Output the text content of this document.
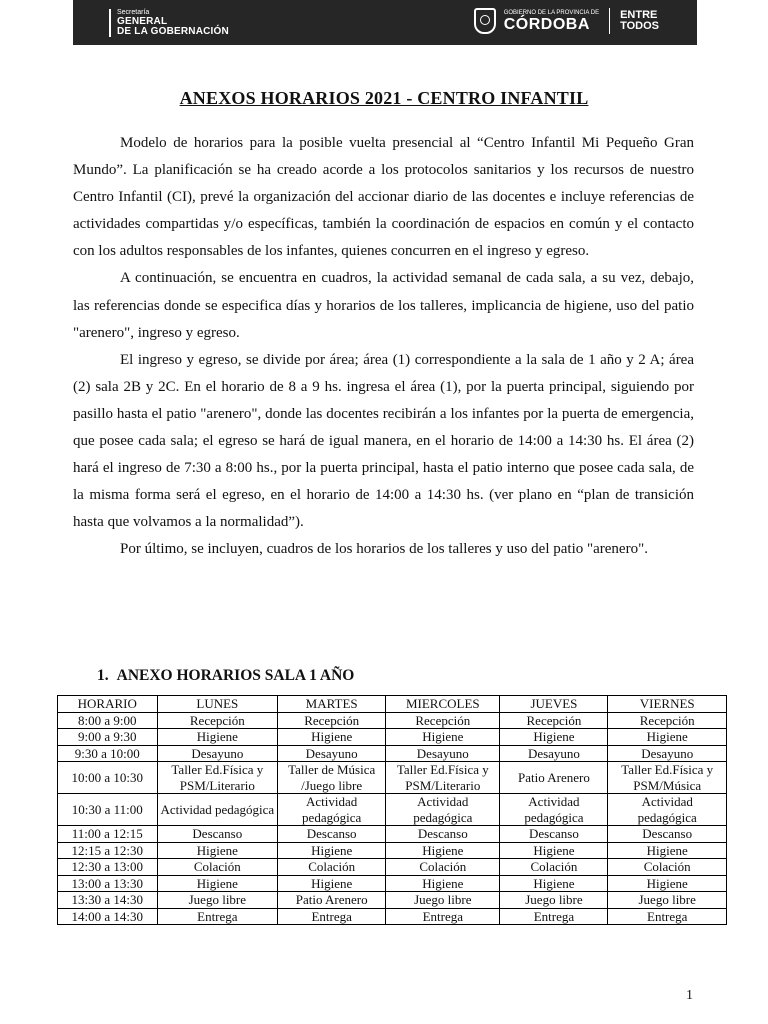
Secretaría
GENERAL
DE LA GOBERNACIÓN
GOBIERNO DE LA PROVINCIA DE
CÓRDOBA
ENTRE
TODOS
ANEXOS HORARIOS 2021 - CENTRO INFANTIL

Modelo de horarios para la posible vuelta presencial al “Centro Infantil Mi Pequeño Gran Mundo”. La planificación se ha creado acorde a los protocolos sanitarios y los recursos de nuestro Centro Infantil (CI), prevé la organización del accionar diario de las docentes e incluye referencias de actividades compartidas y/o específicas, también la coordinación de espacios en común y el contacto con los adultos responsables de los infantes, quienes concurren en el ingreso y egreso.

A continuación, se encuentra en cuadros, la actividad semanal de cada sala, a su vez, debajo, las referencias donde se especifica días y horarios de los talleres, implicancia de higiene, uso del patio "arenero", ingreso y egreso.

El ingreso y egreso, se divide por área; área (1) correspondiente a la sala de 1 año y 2 A; área (2) sala 2B y 2C. En el horario de 8 a 9 hs. ingresa el área (1), por la puerta principal, siguiendo por pasillo hasta el patio "arenero", donde las docentes recibirán a los infantes por la puerta de emergencia, que posee cada sala; el egreso se hará de igual manera, en el horario de 14:00 a 14:30 hs. El área (2) hará el ingreso de 7:30 a 8:00 hs., por la puerta principal, hasta el patio interno que posee cada sala, de la misma forma será el egreso, en el horario de 14:00 a 14:30 hs. (ver plano en “plan de transición hasta que volvamos a la normalidad”).

Por último, se incluyen, cuadros de los horarios de los talleres y uso del patio "arenero".

1. ANEXO HORARIOS SALA 1 AÑO
HORARIO	LUNES	MARTES	MIERCOLES	JUEVES	VIERNES
8:00 a 9:00	Recepción	Recepción	Recepción	Recepción	Recepción
9:00 a 9:30	Higiene	Higiene	Higiene	Higiene	Higiene
9:30 a 10:00	Desayuno	Desayuno	Desayuno	Desayuno	Desayuno
10:00 a 10:30	Taller Ed.Física y PSM/Literario	Taller de Música /Juego libre	Taller Ed.Física y PSM/Literario	Patio Arenero	Taller Ed.Física y PSM/Música
10:30 a 11:00	Actividad pedagógica	Actividad pedagógica	Actividad pedagógica	Actividad pedagógica	Actividad pedagógica
11:00 a 12:15	Descanso	Descanso	Descanso	Descanso	Descanso
12:15 a 12:30	Higiene	Higiene	Higiene	Higiene	Higiene
12:30 a 13:00	Colación	Colación	Colación	Colación	Colación
13:00 a 13:30	Higiene	Higiene	Higiene	Higiene	Higiene
13:30 a 14:30	Juego libre	Patio Arenero	Juego libre	Juego libre	Juego libre
14:00 a 14:30	Entrega	Entrega	Entrega	Entrega	Entrega
1
